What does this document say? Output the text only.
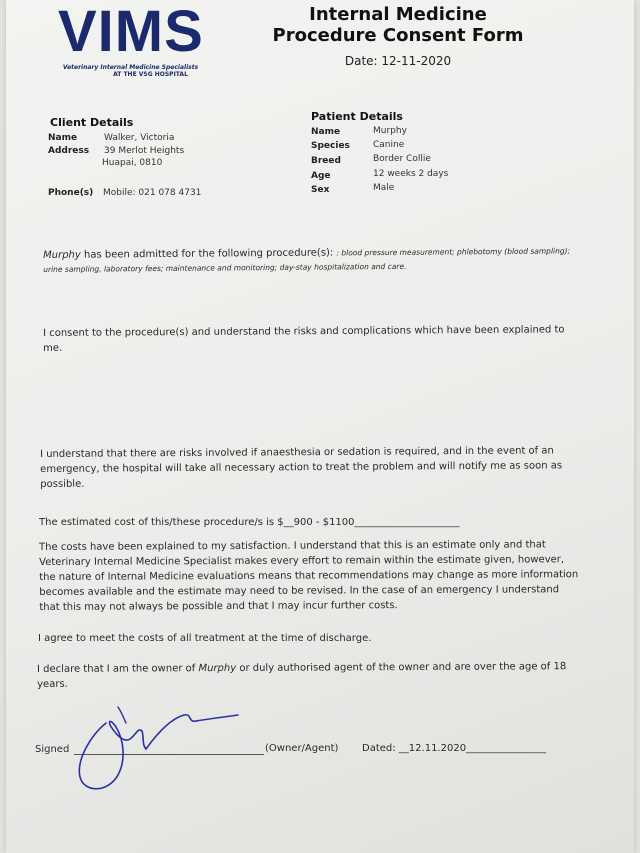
VIMS
Veterinary Internal Medicine Specialists
AT THE VSG HOSPITAL
Internal Medicine
Procedure Consent Form
Date: 12-11-2020
Client Details
Name	Walker, Victoria
Address 39 Merlot Heights
Huapai, 0810
Phone(s) Mobile: 021 078 4731
Patient Details
Name	Murphy
Species	Canine
Breed	Border Collie
Age	12 weeks 2 days
Sex	Male
Murphy has been admitted for the following procedure(s): : blood pressure measurement; phlebotomy (blood sampling);
urine sampling, laboratory fees; maintenance and monitoring; day-stay hospitalization and care.
I consent to the procedure(s) and understand the risks and complications which have been explained to
me.
I understand that there are risks involved if anaesthesia or sedation is required, and in the event of an
emergency, the hospital will take all necessary action to treat the problem and will notify me as soon as
possible.
The estimated cost of this/these procedure/s is $__900 - $1100_____________________
The costs have been explained to my satisfaction. I understand that this is an estimate only and that
Veterinary Internal Medicine Specialist makes every effort to remain within the estimate given, however,
the nature of Internal Medicine evaluations means that recommendations may change as more information
becomes available and the estimate may need to be revised. In the case of an emergency I understand
that this may not always be possible and that I may incur further costs.
I agree to meet the costs of all treatment at the time of discharge.
I declare that I am the owner of Murphy or duly authorised agent of the owner and are over the age of 18
years.
Signed	(Owner/Agent) Dated: __12.11.2020________________
